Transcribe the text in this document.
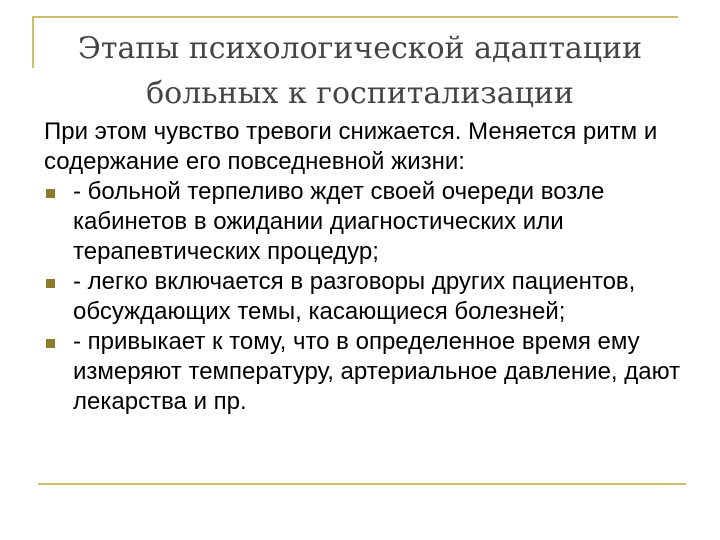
Этапы психологической адаптации
больных к госпитализации

При этом чувство тревоги снижается. Меняется ритм и содержание его повседневной жизни:

- больной терпеливо ждет своей очереди возле кабинетов в ожидании диагностических или терапевтических процедур;
- легко включается в разговоры других пациентов, обсуждающих темы, касающиеся болезней;
- привыкает к тому, что в определенное время ему измеряют температуру, артериальное давление, дают лекарства и пр.
